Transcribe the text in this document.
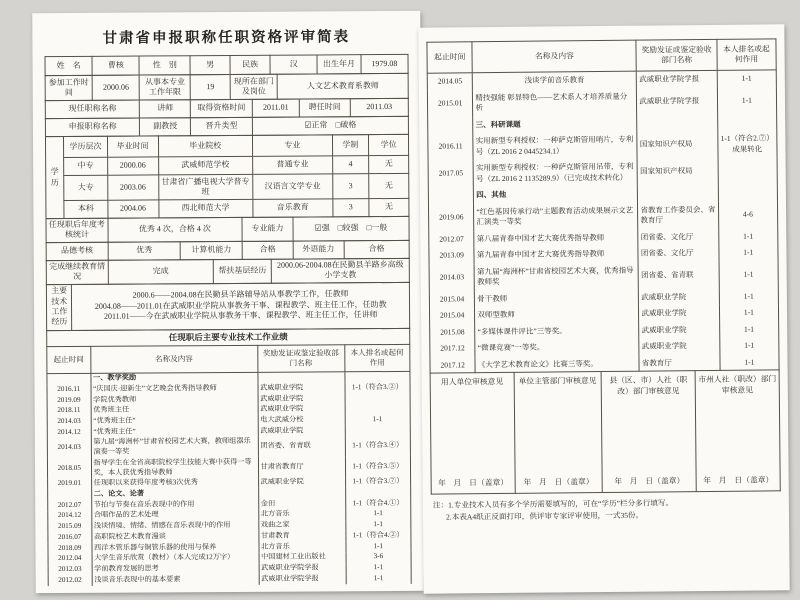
甘肃省申报职称任职资格评审简表
姓　名	曹核	性　别	男	民族	汉	出生年月	1979.08
参加工作时间	2000.06	从事本专业工作年限	19	现所在部门及岗位	人文艺术教育系教师
现任职称名称	讲师	取得资格时间	2011.01	聘任时间	2011.03
申报职称名称	副教授	晋升类型	☑正常　□破格
学历	学历层次	毕业时间	毕业院校	专业	学制	学位
	中专	2000.06	武威师范学校	普通专业	4	无
	大专	2003.06	甘肃省广播电视大学普专班	汉语言文学专业	3	无
	本科	2004.06	西北师范大学	音乐教育	3	无
任现职后年度考核统计	优秀 4 次，合格 4 次	专业能力	☑强　□较强　□一般
品德考核	优秀	计算机能力	合格	外语能力	合格
完成继续教育情况	完成	帮扶基层经历	2000.06-2004.08在民勤县羊路乡高级小学支教
主要技术工作经历	
2000.6——2004.08在民勤县羊路辅导站从事教学工作，任教师
2004.08——2011.01在武威职业学院从事教务干事、课程教学、班主任工作，任助教
2011.01——今在武威职业学院从事教务干事、课程教学、班主任工作，任讲师
任现职后主要专业技术工作业绩			
起止时间	名称及内容	奖励发证或鉴定验收部门名称	本人排名或起何作用
	一、教学奖励		
2016.11	“庆国庆·迎新生”文艺晚会优秀指导教师	武威职业学院	1-1（符合3.②）
2019.09	学院优秀教师	武威职业学院	
2018.11	优秀班主任	武威职业学院	
2014.03	“优秀班主任”	电大武威分校	1-1
2014.12	“优秀班主任”	武威职业学院	
2014.03	第九届“海洲杯”甘肃省校园艺术大赛，教师组器乐演奏一等奖	团省委、省青联	1-1（符合3.④）
2018.05	指导学生在全省高职院校学生技能大赛中获得一等奖，本人获优秀指导教师	甘肃省教育厅	1-1（符合3.⑤）
2019.01	任现职以来获得年度考核3次优秀	武威职业学院	1-1（符合3.⑦）
	二、论文、论著		
2012.07	节拍与节奏在音乐表现中的作用	金田	1-1（符合4.①）
2014.12	合唱作品的艺术处理	北方音乐	1-1
2015.09	浅谈情境、情绪、情感在音乐表现中的作用	戏曲之家	1-1
2016.07	高职院校艺术教育漫谈	甘肃教育	1-1（符合4.②）
2018.09	西洋木管乐器与铜管乐器的使用与保养	北方音乐	1-1
2012.04	大学生音乐欣赏（教材）（本人完成12万字）	中国建材工业出版社	3-6
2012.03	学前教育发展的思考	武威职业学院学报	1-1
2012.02	浅谈音乐表现中的基本要素	武威职业学院学报	1-1
起止时间	名称及内容	奖励发证或鉴定验收部门名称	本人排名或起何作用
2014.05	浅谈学前音乐教育	武威职业学院学报	1-1
2015.01	精技强能 彰显特色——艺术系人才培养质量分析	武威职业学院学报	1-1
	三、科研课题		
2016.11	实用新型专利授权：一种萨克斯管用哨片，专利号（ZL 2016 2 0445234.1）	国家知识产权局	1-1（符合2.⑦）成果转化
2017.05	实用新型专利授权：一种萨克斯管用吊带，专利号（ZL 2016 2 1135289.9）（已完成技术转化）	国家知识产权局	
	四、其他		
2019.06	“红色基因传承行动”主题教育活动成果展示文艺汇演类一等奖	省教育工作委员会、省教育厅	4-6
2012.07	第八届青春中国才艺大赛优秀指导教师	团省委、文化厅	1-1
2013.09	第九届青春中国才艺大赛优秀指导教师	团省委、文化厅	1-1
2014.03	第九届“海洲杯”甘肃省校园艺术大赛，优秀指导教师奖	团省委、省青联	1-1
2015.04	骨干教师	武威职业学院	1-1
2015.04	双师型教师	武威职业学院	1-1
2015.08	“多媒体课件评比”三等奖。	武威职业学院	1-1
2017.12	“微课竞赛”一等奖。	武威职业学院	1-1
2017.12	《大学艺术教育论文》比赛三等奖。	省教育厅	1-1
用人单位审核意见
年　月　日（盖章）

单位主管部门审核意见
年　月　日（盖章）

县（区、市）人社（职改）部门审核意见
年　月　日（盖章）

市州人社（职改）部门审核意见
年　月　日（盖章）
注：1.专业技术人员有多个学历需要填写的，可在“学历”栏分多行填写。
2.本表A4纸正反面打印，供评审专家评审使用，一式35份。
